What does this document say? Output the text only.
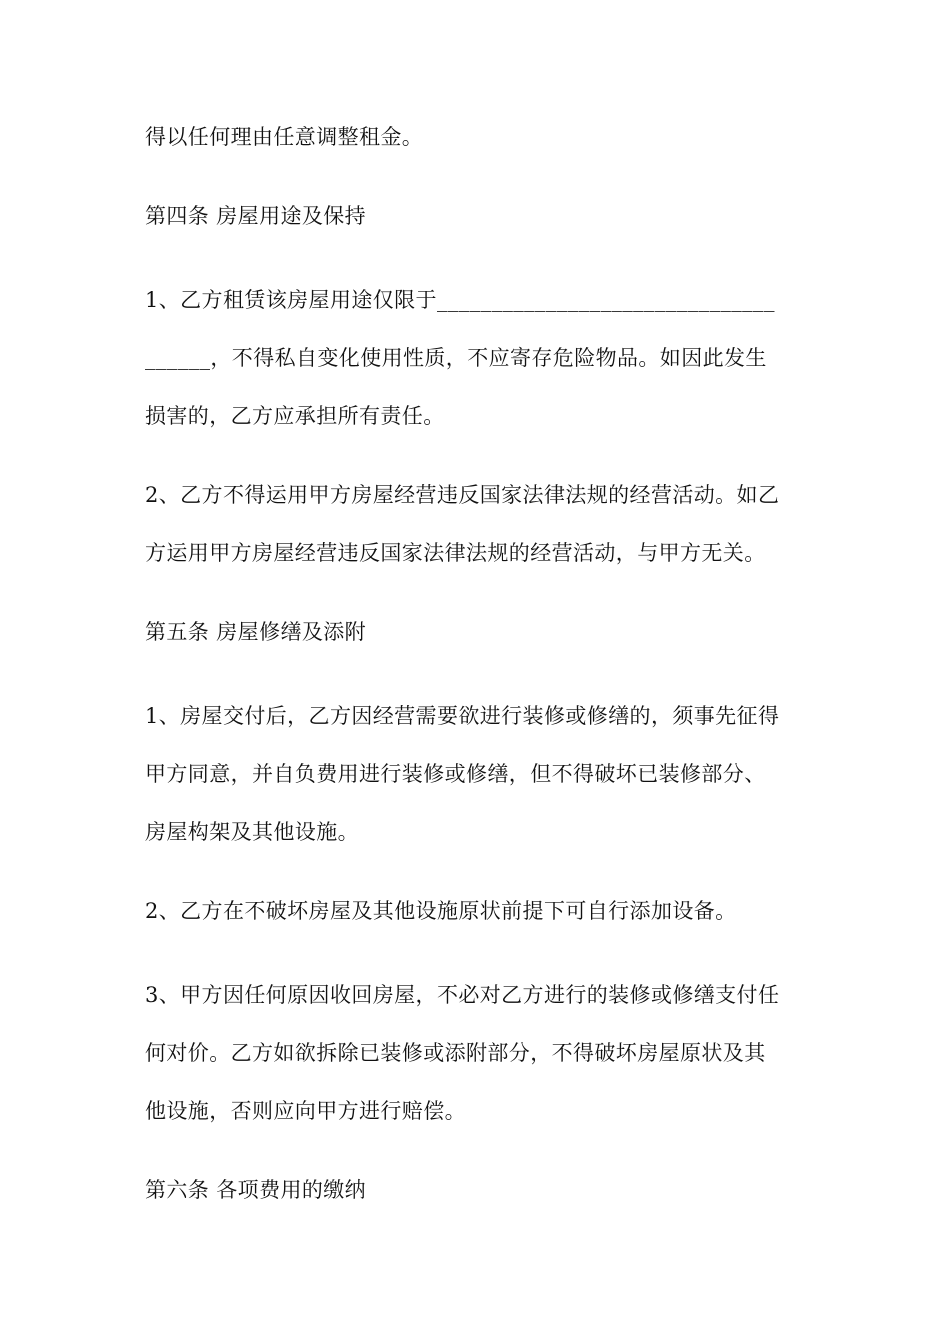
得以任何理由任意调整租金。
第四条 房屋用途及保持
1、乙方租赁该房屋用途仅限于_______________________________
______，不得私自变化使用性质，不应寄存危险物品。如因此发生
损害的，乙方应承担所有责任。
2、乙方不得运用甲方房屋经营违反国家法律法规的经营活动。如乙
方运用甲方房屋经营违反国家法律法规的经营活动，与甲方无关。
第五条 房屋修缮及添附
1、房屋交付后，乙方因经营需要欲进行装修或修缮的，须事先征得
甲方同意，并自负费用进行装修或修缮，但不得破坏已装修部分、
房屋构架及其他设施。
2、乙方在不破坏房屋及其他设施原状前提下可自行添加设备。
3、甲方因任何原因收回房屋，不必对乙方进行的装修或修缮支付任
何对价。乙方如欲拆除已装修或添附部分，不得破坏房屋原状及其
他设施，否则应向甲方进行赔偿。
第六条 各项费用的缴纳
